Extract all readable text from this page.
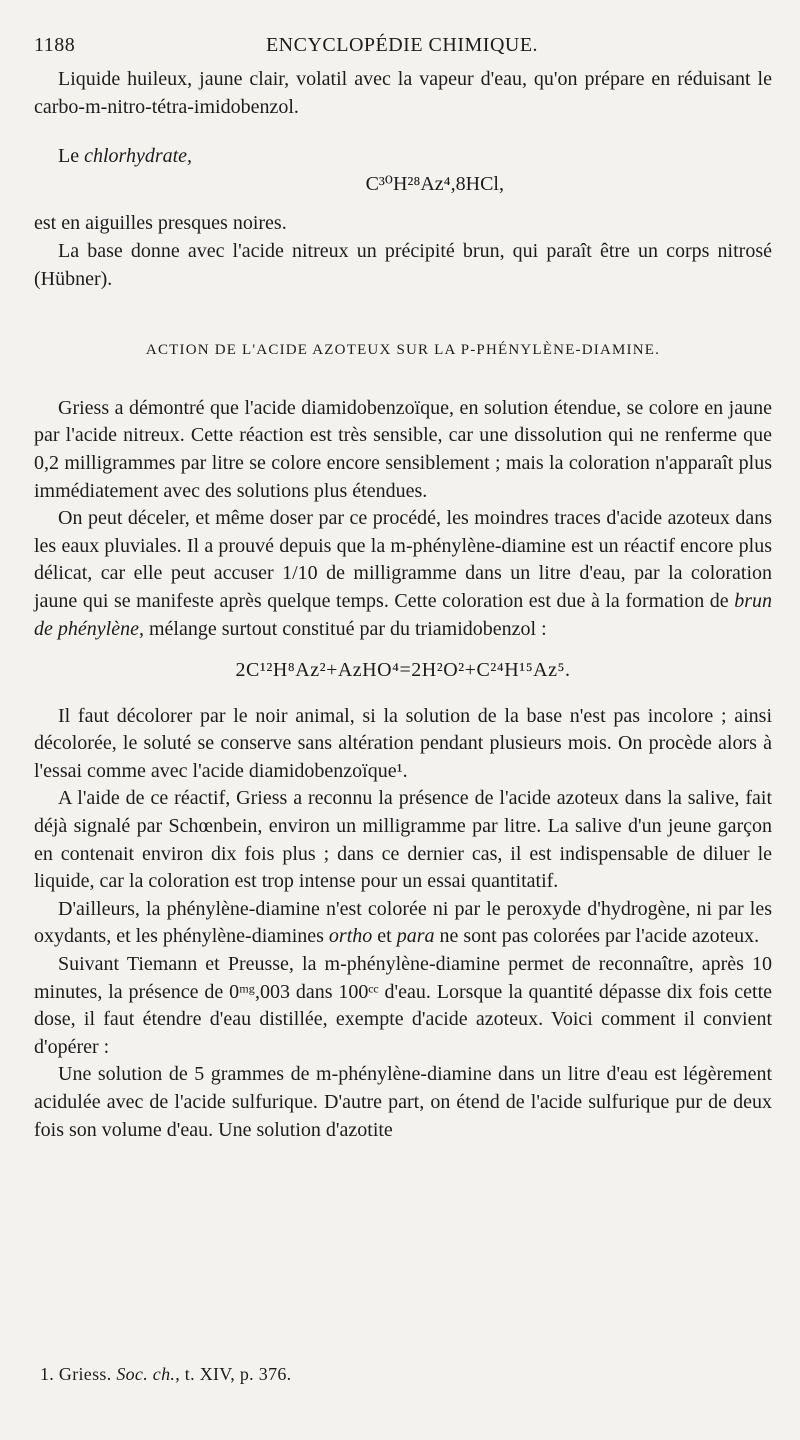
1188	ENCYCLOPÉDIE CHIMIQUE.

Liquide huileux, jaune clair, volatil avec la vapeur d'eau, qu'on prépare en réduisant le carbo-m-nitro-tétra-imidobenzol.

Le chlorhydrate,

C³⁰H²⁸Az⁴,8HCl,

est en aiguilles presques noires.

La base donne avec l'acide nitreux un précipité brun, qui paraît être un corps nitrosé (Hübner).

ACTION DE L'ACIDE AZOTEUX SUR LA P-PHÉNYLÈNE-DIAMINE.

Griess a démontré que l'acide diamidobenzoïque, en solution étendue, se colore en jaune par l'acide nitreux. Cette réaction est très sensible, car une dissolution qui ne renferme que 0,2 milligrammes par litre se colore encore sensiblement ; mais la coloration n'apparaît plus immédiatement avec des solutions plus étendues.

On peut déceler, et même doser par ce procédé, les moindres traces d'acide azoteux dans les eaux pluviales. Il a prouvé depuis que la m-phénylène-diamine est un réactif encore plus délicat, car elle peut accuser 1/10 de milligramme dans un litre d'eau, par la coloration jaune qui se manifeste après quelque temps. Cette coloration est due à la formation de brun de phénylène, mélange surtout constitué par du triamidobenzol :

2C¹²H⁸Az²+AzHO⁴=2H²O²+C²⁴H¹⁵Az⁵.

Il faut décolorer par le noir animal, si la solution de la base n'est pas incolore ; ainsi décolorée, le soluté se conserve sans altération pendant plusieurs mois. On procède alors à l'essai comme avec l'acide diamidobenzoïque¹.

A l'aide de ce réactif, Griess a reconnu la présence de l'acide azoteux dans la salive, fait déjà signalé par Schœnbein, environ un milligramme par litre. La salive d'un jeune garçon en contenait environ dix fois plus ; dans ce dernier cas, il est indispensable de diluer le liquide, car la coloration est trop intense pour un essai quantitatif.

D'ailleurs, la phénylène-diamine n'est colorée ni par le peroxyde d'hydrogène, ni par les oxydants, et les phénylène-diamines ortho et para ne sont pas colorées par l'acide azoteux.

Suivant Tiemann et Preusse, la m-phénylène-diamine permet de reconnaître, après 10 minutes, la présence de 0ᵐᵍ,003 dans 100ᶜᶜ d'eau. Lorsque la quantité dépasse dix fois cette dose, il faut étendre d'eau distillée, exempte d'acide azoteux. Voici comment il convient d'opérer :

Une solution de 5 grammes de m-phénylène-diamine dans un litre d'eau est légèrement acidulée avec de l'acide sulfurique. D'autre part, on étend de l'acide sulfurique pur de deux fois son volume d'eau. Une solution d'azotite

1. Griess. Soc. ch., t. XIV, p. 376.
